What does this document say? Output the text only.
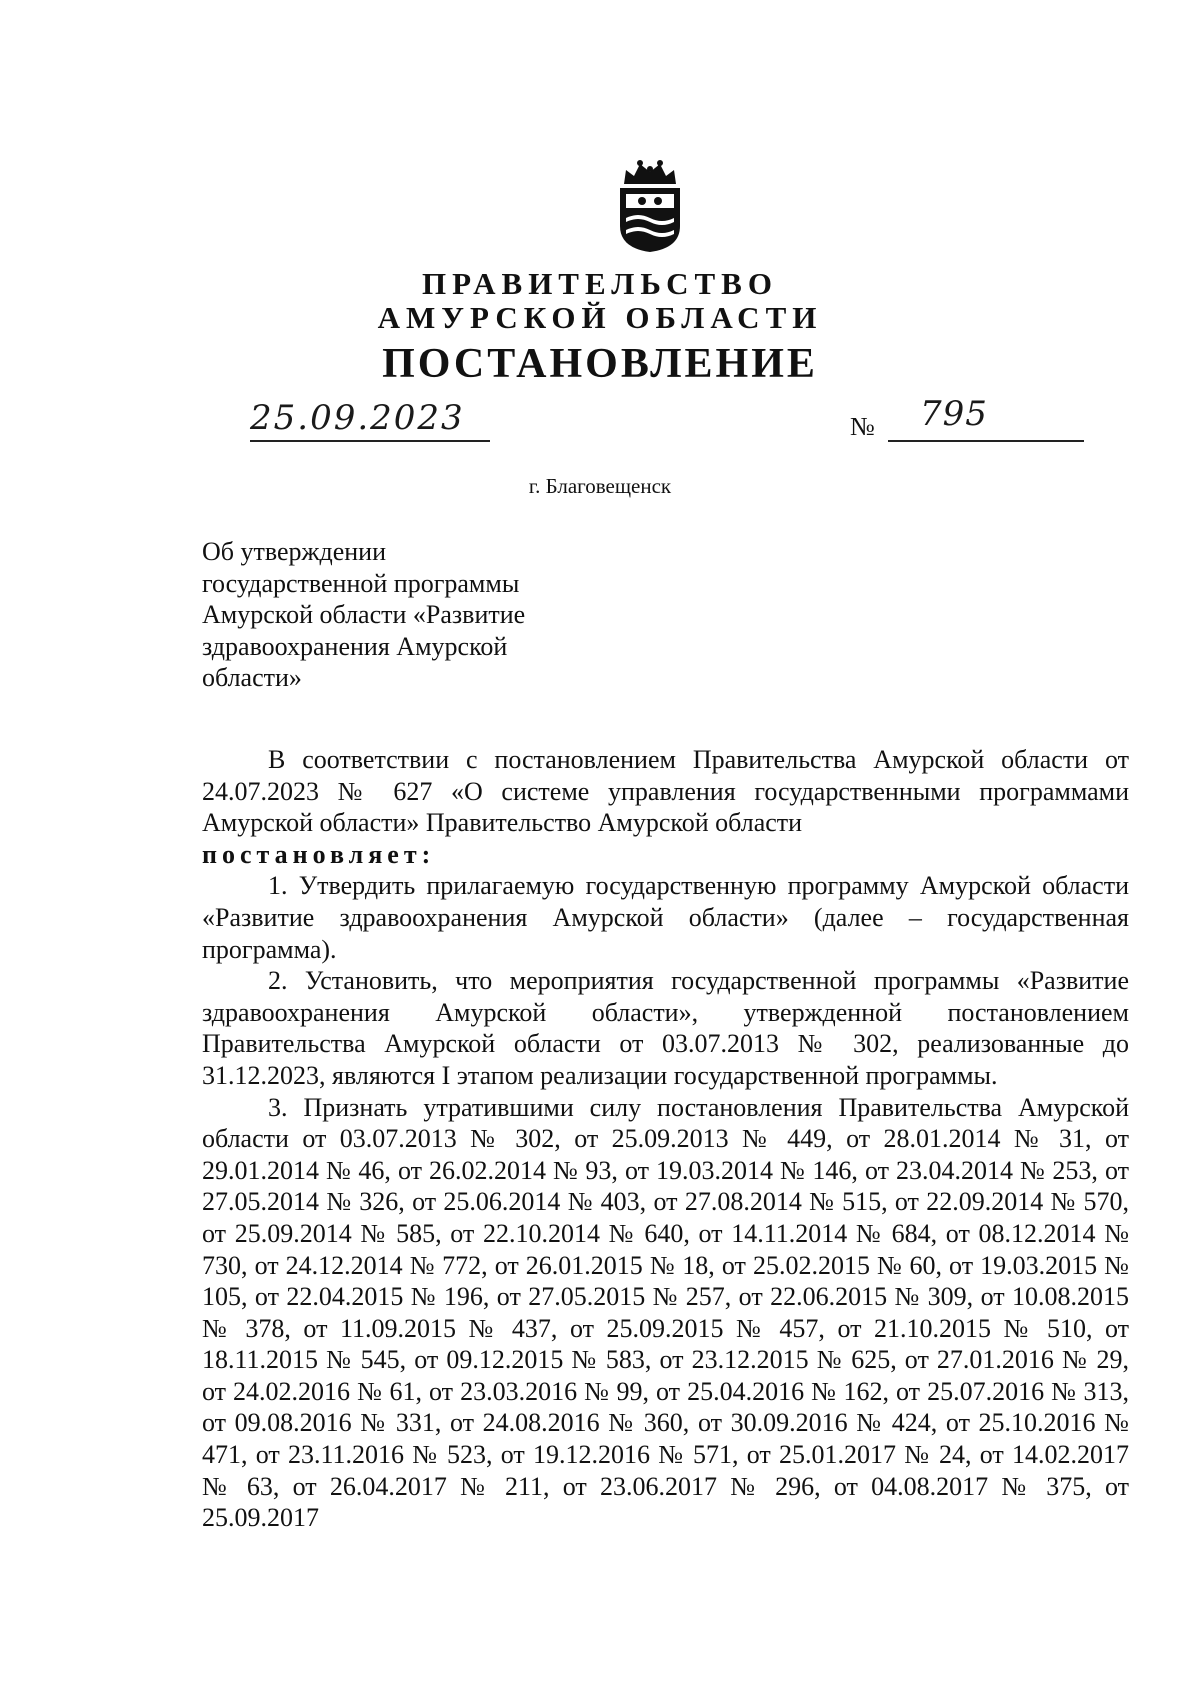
ПРАВИТЕЛЬСТВО
АМУРСКОЙ ОБЛАСТИ
ПОСТАНОВЛЕНИЕ
25.09.2023	№ 795
г. Благовещенск
Об утверждении
государственной программы
Амурской области «Развитие
здравоохранения Амурской
области»

В соответствии с постановлением Правительства Амурской области от 24.07.2023 № 627 «О системе управления государственными программами Амурской области» Правительство Амурской области

постановляет:

1. Утвердить прилагаемую государственную программу Амурской области «Развитие здравоохранения Амурской области» (далее – государственная программа).

2. Установить, что мероприятия государственной программы «Развитие здравоохранения Амурской области», утвержденной постановлением Правительства Амурской области от 03.07.2013 № 302, реализованные до 31.12.2023, являются I этапом реализации государственной программы.

3. Признать утратившими силу постановления Правительства Амурской области от 03.07.2013 № 302, от 25.09.2013 № 449, от 28.01.2014 № 31, от 29.01.2014 № 46, от 26.02.2014 № 93, от 19.03.2014 № 146, от 23.04.2014 № 253, от 27.05.2014 № 326, от 25.06.2014 № 403, от 27.08.2014 № 515, от 22.09.2014 № 570, от 25.09.2014 № 585, от 22.10.2014 № 640, от 14.11.2014 № 684, от 08.12.2014 № 730, от 24.12.2014 № 772, от 26.01.2015 № 18, от 25.02.2015 № 60, от 19.03.2015 № 105, от 22.04.2015 № 196, от 27.05.2015 № 257, от 22.06.2015 № 309, от 10.08.2015 № 378, от 11.09.2015 № 437, от 25.09.2015 № 457, от 21.10.2015 № 510, от 18.11.2015 № 545, от 09.12.2015 № 583, от 23.12.2015 № 625, от 27.01.2016 № 29, от 24.02.2016 № 61, от 23.03.2016 № 99, от 25.04.2016 № 162, от 25.07.2016 № 313, от 09.08.2016 № 331, от 24.08.2016 № 360, от 30.09.2016 № 424, от 25.10.2016 № 471, от 23.11.2016 № 523, от 19.12.2016 № 571, от 25.01.2017 № 24, от 14.02.2017 № 63, от 26.04.2017 № 211, от 23.06.2017 № 296, от 04.08.2017 № 375, от 25.09.2017
